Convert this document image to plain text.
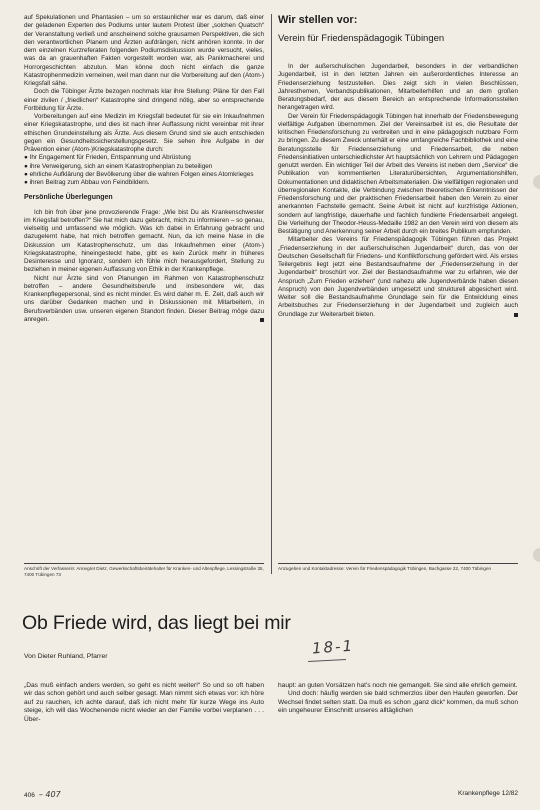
auf Spekulationen und Phantasien – um so erstaunlicher war es darum, daß einer der geladenen Experten des Podiums unter lautem Protest über „solchen Quatsch“ der Veranstaltung verließ und anscheinend solche grausamen Perspektiven, die sich den verantwortlichen Planern und Ärzten aufdrängen, nicht anhören konnte. In der dem einzelnen Kurzreferaten folgenden Podiumsdiskussion wurde versucht, vieles, was da an grauenhaften Fakten vorgestellt worden war, als Panikmacherei und Horrorgeschichten abzutun. Man könne doch nicht einfach die ganze Katastrophenmedizin verneinen, weil man dann nur die Vorbereitung auf den (Atom-) Kriegsfall sähe.

Doch die Tübinger Ärzte bezogen nochmals klar ihre Stellung: Pläne für den Fall einer zivilen / „friedlichen“ Katastrophe sind dringend nötig, aber so entsprechende Fortbildung für Ärzte.

Vorbereitungen auf eine Medizin im Kriegsfall bedeutet für sie ein Inkaufnehmen einer Kriegskatastrophe, und dies ist nach ihrer Auffassung nicht vereinbar mit ihrer ethischen Grundeinstellung als Ärzte. Aus diesem Grund sind sie auch entschieden gegen ein Gesundheitssicherstellungsgesetz. Sie sehen ihre Aufgabe in der Prävention einer (Atom-)Kriegskatastrophe durch:

● Ihr Engagement für Frieden, Entspannung und Abrüstung

● ihre Verweigerung, sich an einem Katastrophenplan zu beteiligen

● ehrliche Aufklärung der Bevölkerung über die wahren Folgen eines Atomkrieges

● ihren Beitrag zum Abbau von Feindbildern.

Persönliche Überlegungen

Ich bin froh über jene provozierende Frage: „Wie bist Du als Krankenschwester im Kriegsfall betroffen?“ Sie hat mich dazu gebracht, mich zu informieren – so genau, vielseitig und umfassend wie möglich. Was ich dabei in Erfahrung gebracht und dazugelernt habe, hat mich betroffen gemacht. Nun, da ich meine Nase in die Diskussion um Katastrophenschutz, um das Inkaufnehmen einer (Atom-) Kriegskatastrophe, hineingesteckt habe, gibt es kein Zurück mehr in früheres Desinteresse und Ignoranz, sondern ich fühle mich herausgefordert, Stellung zu beziehen in meiner eigenen Auffassung von Ethik in der Krankenpflege.

Nicht nur Ärzte sind von Planungen im Rahmen von Katastrophenschutz betroffen – andere Gesundheitsberufe und insbesondere wir, das Krankenpflegepersonal, sind es nicht minder. Es wird daher m. E. Zeit, daß auch wir uns darüber Gedanken machen und in Diskussionen mit Mitarbeitern, in Berufsverbänden usw. unseren eigenen Standort finden. Dieser Beitrag möge dazu anregen.

Anschrift der Verfasserin: Annegret Dietz, Gewerkschaftsbeirätehalter für Kranken- und Altenpflege, Lessingstraße 35, 7400 Tübingen 73

Wir stellen vor:

Verein für Friedenspädagogik Tübingen

In der außerschulischen Jugendarbeit, besonders in der verbandlichen Jugendarbeit, ist in den letzten Jahren ein außerordentliches Interesse an Friedenserziehung festzustellen. Dies zeigt sich in vielen Beschlüssen, Jahresthemen, Verbandspublikationen, Mitarbeiterhilfen und an dem großen Beratungsbedarf, der aus diesem Bereich an entsprechende Informationsstellen herangetragen wird.

Der Verein für Friedenspädagogik Tübingen hat innerhalb der Friedensbewegung vielfältige Aufgaben übernommen. Ziel der Vereinsarbeit ist es, die Resultate der kritischen Friedensforschung zu verbreiten und in eine pädagogisch nutzbare Form zu bringen. Zu diesem Zweck unterhält er eine umfangreiche Fachbibliothek und eine Beratungsstelle für Friedenserziehung und Friedensarbeit, die neben Friedensinitiativen unterschiedlichster Art hauptsächlich von Lehrern und Pädagogen genutzt werden. Ein wichtiger Teil der Arbeit des Vereins ist neben dem „Service“ die Publikation von kommentierten Literaturübersichten, Argumentationshilfen, Dokumentationen und didaktischen Arbeitsmaterialien. Die vielfältigen regionalen und überregionalen Kontakte, die Verbindung zwischen theoretischen Erkenntnissen der Friedensforschung und der praktischen Friedensarbeit haben den Verein zu einer anerkannten Fachstelle gemacht. Seine Arbeit ist nicht auf kurzfristige Aktionen, sondern auf langfristige, dauerhafte und fachlich fundierte Friedensarbeit angelegt. Die Verleihung der Theodor-Heuss-Medaille 1982 an den Verein wird von diesem als Bestätigung und Anerkennung seiner Arbeit durch ein breites Publikum empfunden.

Mitarbeiter des Vereins für Friedenspädagogik Tübingen führen das Projekt „Friedenserziehung in der außerschulischen Jugendarbeit“ durch, das von der Deutschen Gesellschaft für Friedens- und Konfliktforschung gefördert wird. Als erstes Teilergebnis liegt jetzt eine Bestandsaufnahme der „Friedenserziehung in der Jugendarbeit“ broschürt vor. Ziel der Bestandsaufnahme war zu erfahren, wie der Anspruch „Zum Frieden erziehen“ (und nahezu alle Jugendverbände haben diesen Anspruch) von den Jugendverbänden umgesetzt und strukturell abgesichert wird. Weiter soll die Bestandsaufnahme Grundlage sein für die Entwicklung eines Arbeitsbuches zur Friedenserziehung in der Jugendarbeit und zugleich auch Grundlage zur Weiterarbeit bieten.

Anzugeben und Kontaktadresse: Verein für Friedenspädagogik Tübingen, Bachgasse 22, 7400 Tübingen
Ob Friede wird, das liegt bei mir
Von Dieter Ruhland, Pfarrer	18-1

„Das muß einfach anders werden, so geht es nicht weiter!“ So und so oft haben wir das schon gehört und auch selber gesagt. Man nimmt sich etwas vor: ich höre auf zu rauchen, ich achte darauf, daß ich nicht mehr für kurze Wege ins Auto steige, ich will das Wochenende nicht wieder an der Familie vorbei verplanen . . . Über-

haupt: an guten Vorsätzen hat's noch nie gemangelt. Sie sind alle ehrlich gemeint.

Und doch: häufig werden sie bald schmerzlos über den Haufen geworfen. Der Wechsel findet selten statt. Da muß es schon „ganz dick“ kommen, da muß schon ein ungeheurer Einschnitt unseres alltäglichen

406 – 407	Krankenpflege 12/82
